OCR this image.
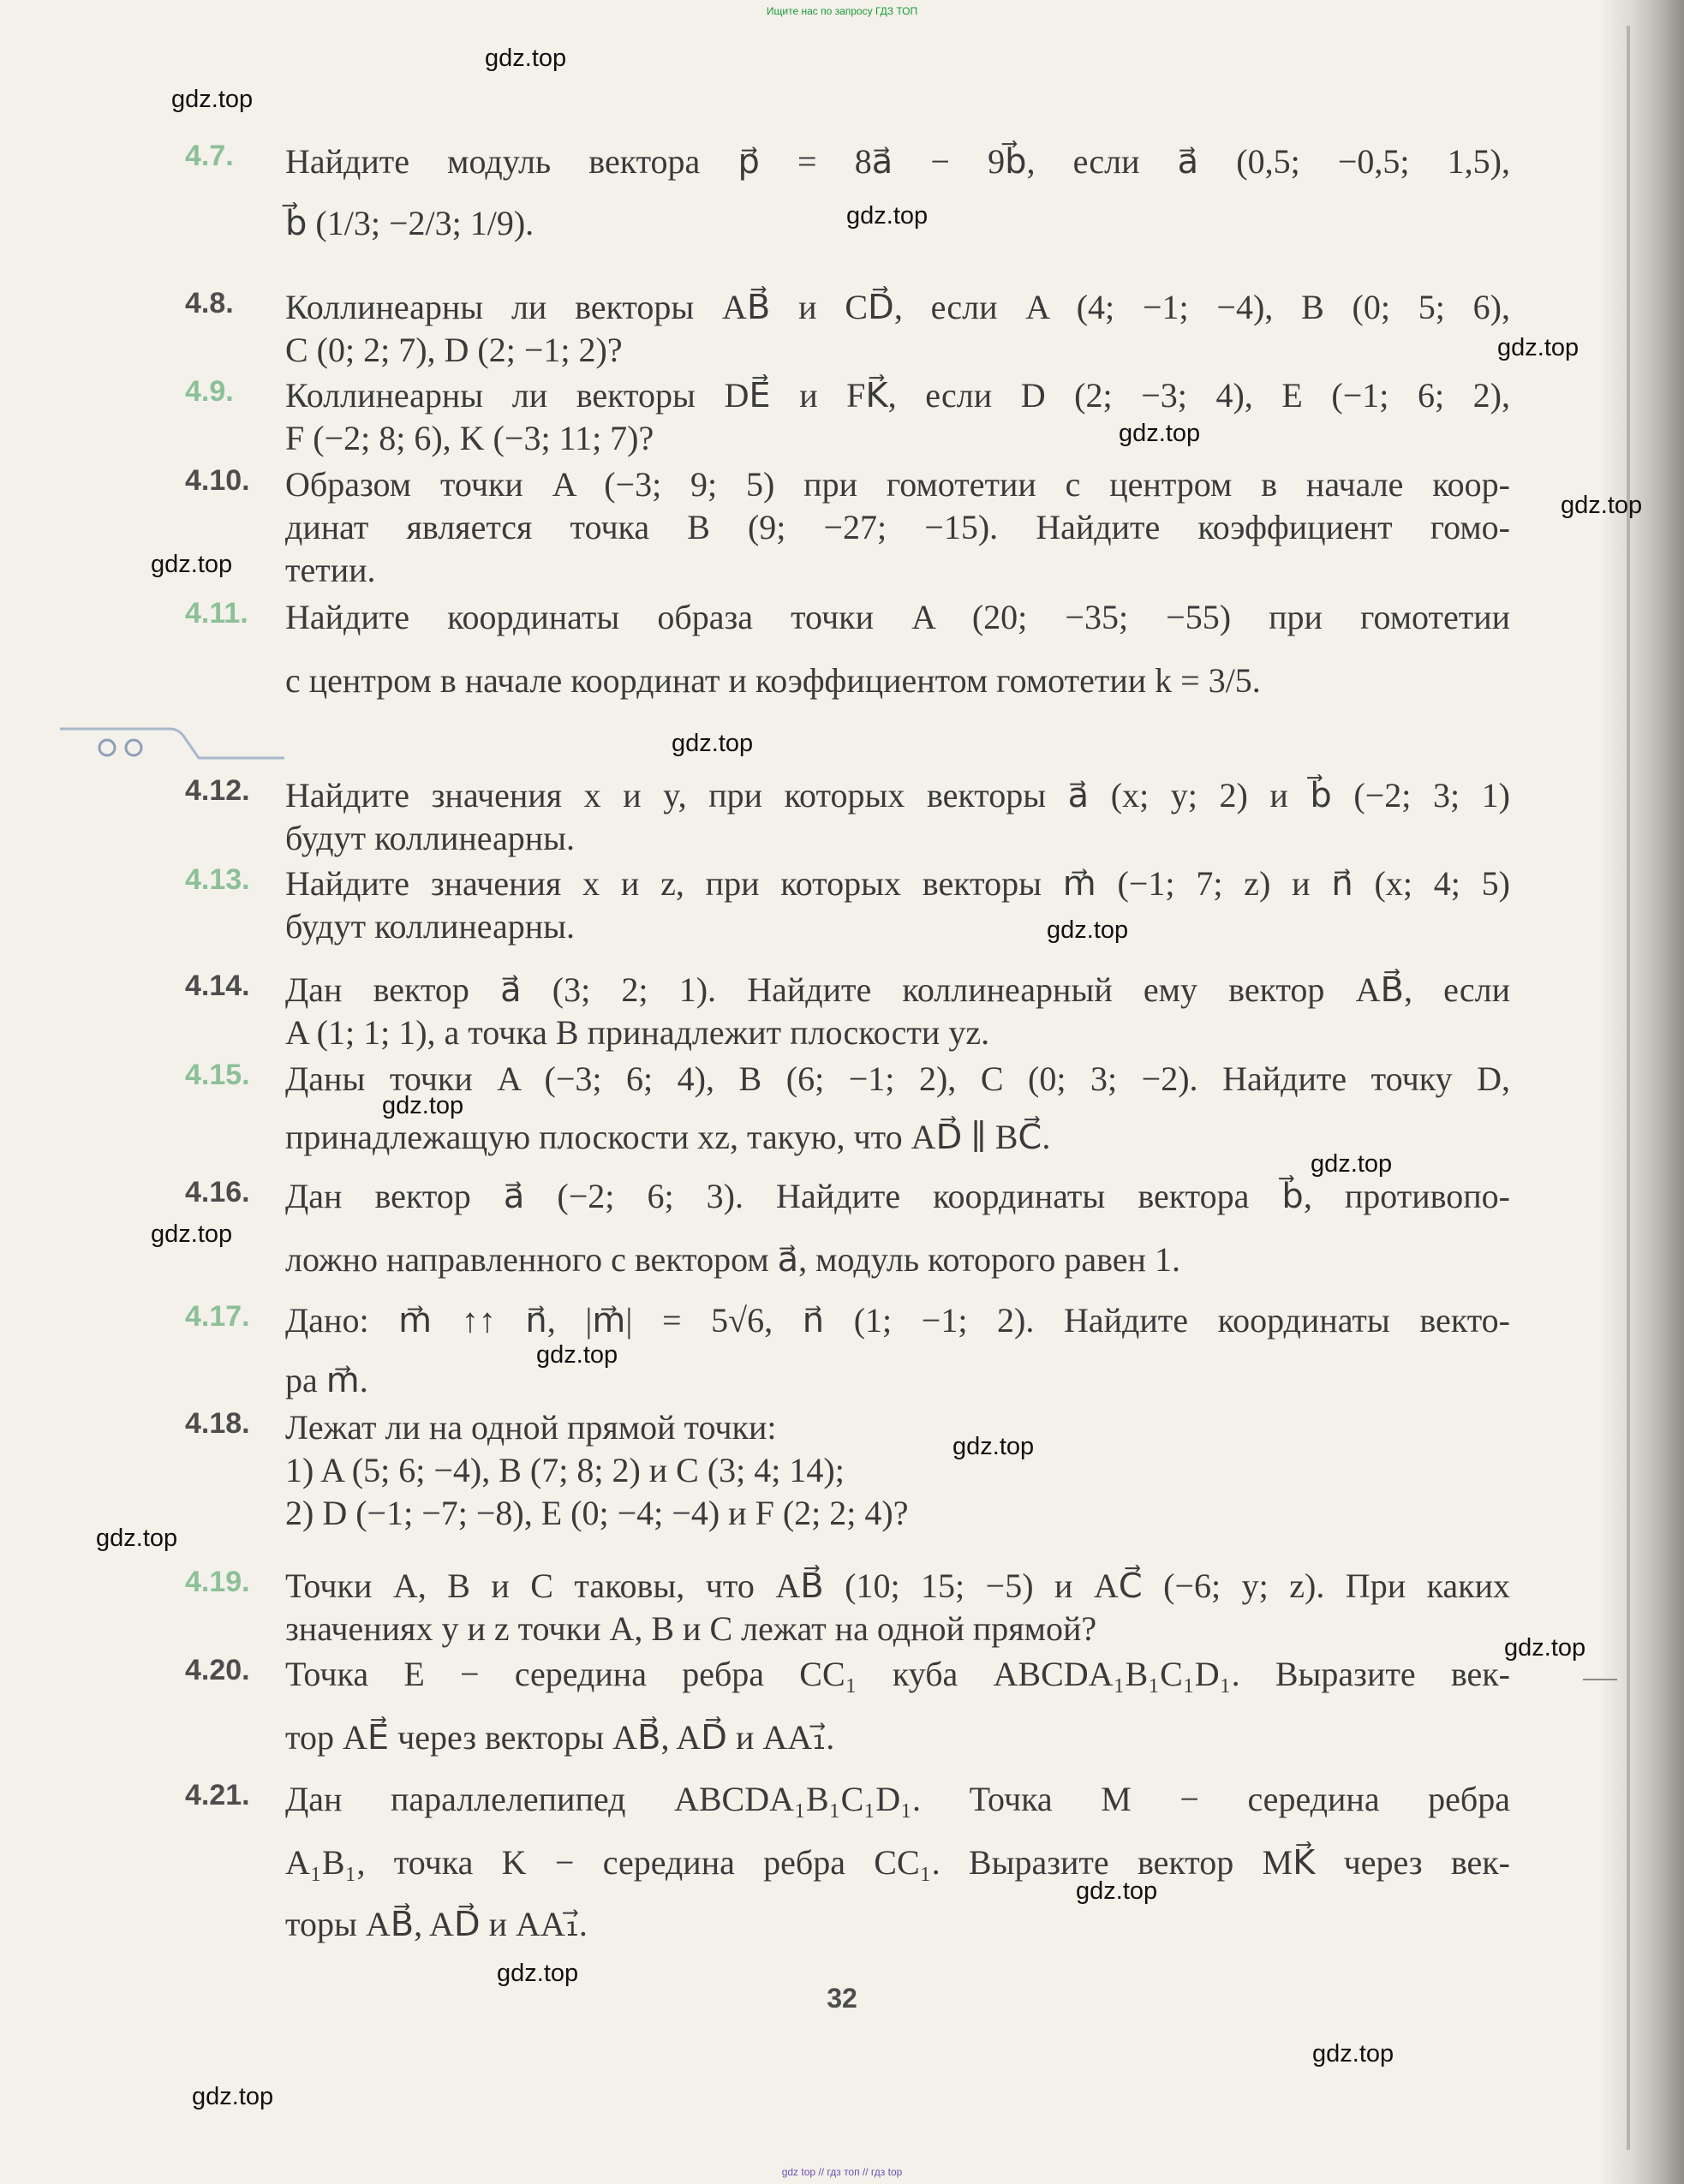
Ищите нас по запросу ГДЗ ТОП
gdz.top
gdz.top
gdz.top
gdz.top
gdz.top
gdz.top
gdz.top
gdz.top
gdz.top
gdz.top
gdz.top
gdz.top
gdz.top
gdz.top
gdz.top
gdz.top
gdz.top
gdz.top
gdz.top
gdz.top
4.7. Найдите модуль вектора p⃗ = 8a⃗ − 9b⃗, если a⃗ (0,5; −0,5; 1,5),
b⃗ (1/3; −2/3; 1/9).
4.8. Коллинеарны ли векторы AB⃗ и CD⃗, если A (4; −1; −4), B (0; 5; 6),
C (0; 2; 7), D (2; −1; 2)?
4.9. Коллинеарны ли векторы DE⃗ и FK⃗, если D (2; −3; 4), E (−1; 6; 2),
F (−2; 8; 6), K (−3; 11; 7)?
4.10. Образом точки A (−3; 9; 5) при гомотетии с центром в начале коор-
динат является точка B (9; −27; −15). Найдите коэффициент гомо-
тетии.
4.11. Найдите координаты образа точки A (20; −35; −55) при гомотетии
с центром в начале координат и коэффициентом гомотетии k = 3/5.
4.12. Найдите значения x и y, при которых векторы a⃗ (x; y; 2) и b⃗ (−2; 3; 1)
будут коллинеарны.
4.13. Найдите значения x и z, при которых векторы m⃗ (−1; 7; z) и n⃗ (x; 4; 5)
будут коллинеарны.
4.14. Дан вектор a⃗ (3; 2; 1). Найдите коллинеарный ему вектор AB⃗, если
A (1; 1; 1), а точка B принадлежит плоскости yz.
4.15. Даны точки A (−3; 6; 4), B (6; −1; 2), C (0; 3; −2). Найдите точку D,
принадлежащую плоскости xz, такую, что AD⃗ ∥ BC⃗.
4.16. Дан вектор a⃗ (−2; 6; 3). Найдите координаты вектора b⃗, противопо-
ложно направленного с вектором a⃗, модуль которого равен 1.
4.17. Дано: m⃗ ↑↑ n⃗, |m⃗| = 5√6, n⃗ (1; −1; 2). Найдите координаты векто-
ра m⃗.
4.18. Лежат ли на одной прямой точки:
1) A (5; 6; −4), B (7; 8; 2) и C (3; 4; 14);
2) D (−1; −7; −8), E (0; −4; −4) и F (2; 2; 4)?
4.19. Точки A, B и C таковы, что AB⃗ (10; 15; −5) и AC⃗ (−6; y; z). При каких
значениях y и z точки A, B и C лежат на одной прямой?
4.20. Точка E − середина ребра CC₁ куба ABCDA₁B₁C₁D₁. Выразите век-
тор AE⃗ через векторы AB⃗, AD⃗ и AA₁⃗.
4.21. Дан параллелепипед ABCDA₁B₁C₁D₁. Точка M − середина ребра
A₁B₁, точка K − середина ребра CC₁. Выразите вектор MK⃗ через век-
торы AB⃗, AD⃗ и AA₁⃗.
32
gdz top // гдз топ // гдз top
